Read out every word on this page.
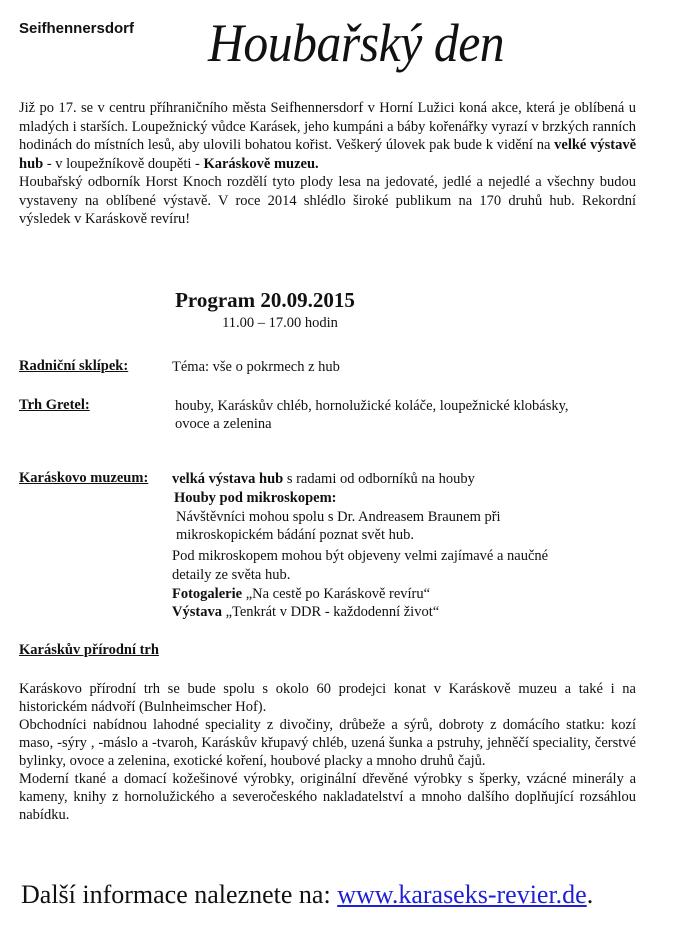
Seifhennersdorf Houbařský den

Již po 17. se v centru příhraničního města Seifhennersdorf v Horní Lužici koná akce, která je oblíbená u mladých i starších. Loupežnický vůdce Karásek, jeho kumpáni a báby kořenářky vyrazí v brzkých ranních hodinách do místních lesů, aby ulovili bohatou kořist. Veškerý úlovek pak bude k vidění na velké výstavě hub - v loupežníkově doupěti - Karáskově muzeu.

Houbařský odborník Horst Knoch rozdělí tyto plody lesa na jedovaté, jedlé a nejedlé a všechny budou vystaveny na oblíbené výstavě. V roce 2014 shlédlo široké publikum na 170 druhů hub. Rekordní výsledek v Karáskově revíru!

Program 20.09.2015
11.00 – 17.00 hodin
Radniční sklípek:	Téma: vše o pokrmech z hub
Trh Gretel:	houby, Karáskův chléb, hornolužické koláče, loupežnické klobásky,
ovoce a zelenina
Karáskovo muzeum: velká výstava hub s radami od odborníků na houby
Houby pod mikroskopem:
Návštěvníci mohou spolu s Dr. Andreasem Braunem při
mikroskopickém bádání poznat svět hub.
Pod mikroskopem mohou být objeveny velmi zajímavé a naučné
detaily ze světa hub.
Fotogalerie „Na cestě po Karáskově revíru“
Výstava „Tenkrát v DDR - každodenní život“
Karáskův přírodní trh

Karáskovo přírodní trh se bude spolu s okolo 60 prodejci konat v Karáskově muzeu a také i na historickém nádvoří (Bulnheimscher Hof).

Obchodníci nabídnou lahodné speciality z divočiny, drůbeže a sýrů, dobroty z domácího statku: kozí maso, -sýry , -máslo a -tvaroh, Karáskův křupavý chléb, uzená šunka a pstruhy, jehněčí speciality, čerstvé bylinky, ovoce a zelenina, exotické koření, houbové placky a mnoho druhů čajů.

Moderní tkané a domací kožešinové výrobky, originální dřevěné výrobky s šperky, vzácné minerály a kameny, knihy z hornolužického a severočeského nakladatelství a mnoho dalšího doplňující rozsáhlou nabídku.

Další informace naleznete na: www.karaseks-revier.de.
